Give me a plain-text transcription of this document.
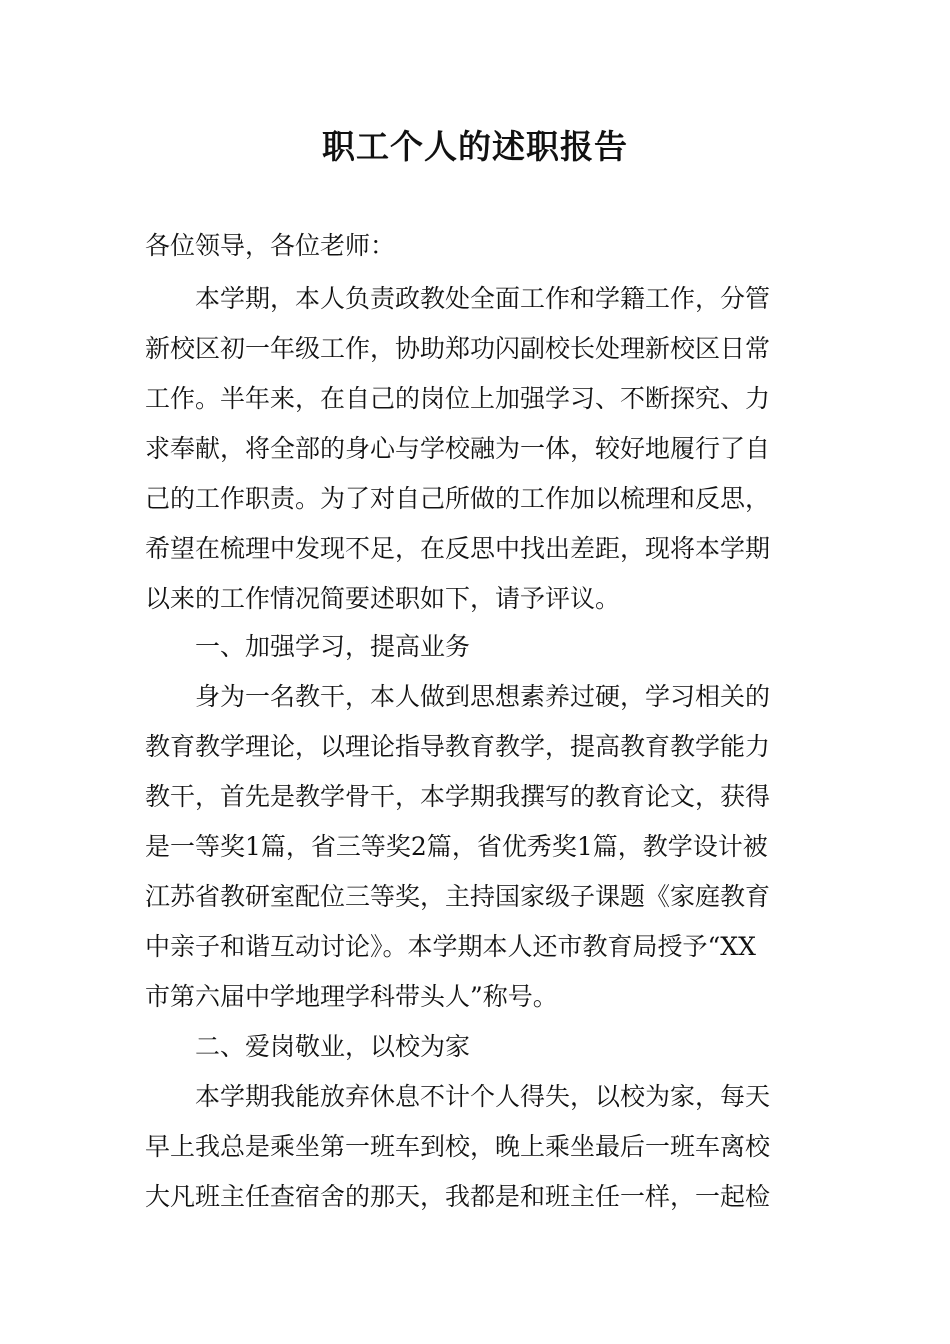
职工个人的述职报告
各位领导，各位老师：
本学期，本人负责政教处全面工作和学籍工作，分管
新校区初一年级工作，协助郑功闪副校长处理新校区日常
工作。半年来，在自己的岗位上加强学习、不断探究、力
求奉献，将全部的身心与学校融为一体，较好地履行了自
己的工作职责。为了对自己所做的工作加以梳理和反思，
希望在梳理中发现不足，在反思中找出差距，现将本学期
以来的工作情况简要述职如下，请予评议。
一、加强学习，提高业务
身为一名教干，本人做到思想素养过硬，学习相关的
教育教学理论，以理论指导教育教学，提高教育教学能力
教干，首先是教学骨干，本学期我撰写的教育论文，获得
是一等奖1篇，省三等奖2篇，省优秀奖1篇，教学设计被
江苏省教研室配位三等奖，主持国家级子课题《家庭教育
中亲子和谐互动讨论》。本学期本人还市教育局授予“XX
市第六届中学地理学科带头人”称号。
二、爱岗敬业，以校为家
本学期我能放弃休息不计个人得失，以校为家，每天
早上我总是乘坐第一班车到校，晚上乘坐最后一班车离校
大凡班主任查宿舍的那天，我都是和班主任一样，一起检
